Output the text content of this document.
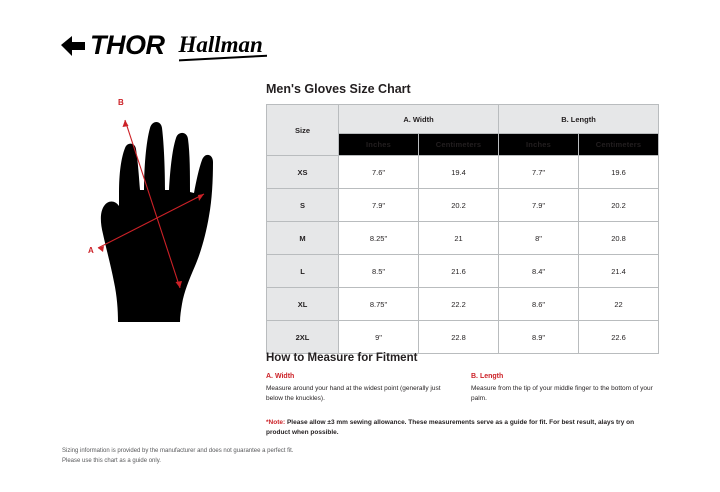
THOR Hallman
B
A
Men's Gloves Size Chart
Size	A. Width		B. Length	
	Inches	Centimeters	Inches	Centimeters
XS	7.6"	19.4	7.7"	19.6
S	7.9"	20.2	7.9"	20.2
M	8.25"	21	8"	20.8
L	8.5"	21.6	8.4"	21.4
XL	8.75"	22.2	8.6"	22
2XL	9"	22.8	8.9"	22.6
How to Measure for Fitment
A. Width
Measure around your hand at the widest point (generally just below the knuckles).
B. Length
Measure from the tip of your middle finger to the bottom of your palm.
*Note: Please allow ±3 mm sewing allowance. These measurements serve as a guide for fit. For best result, alays try on product when possible.
Sizing information is provided by the manufacturer and does not guarantee a perfect fit.
Please use this chart as a guide only.
